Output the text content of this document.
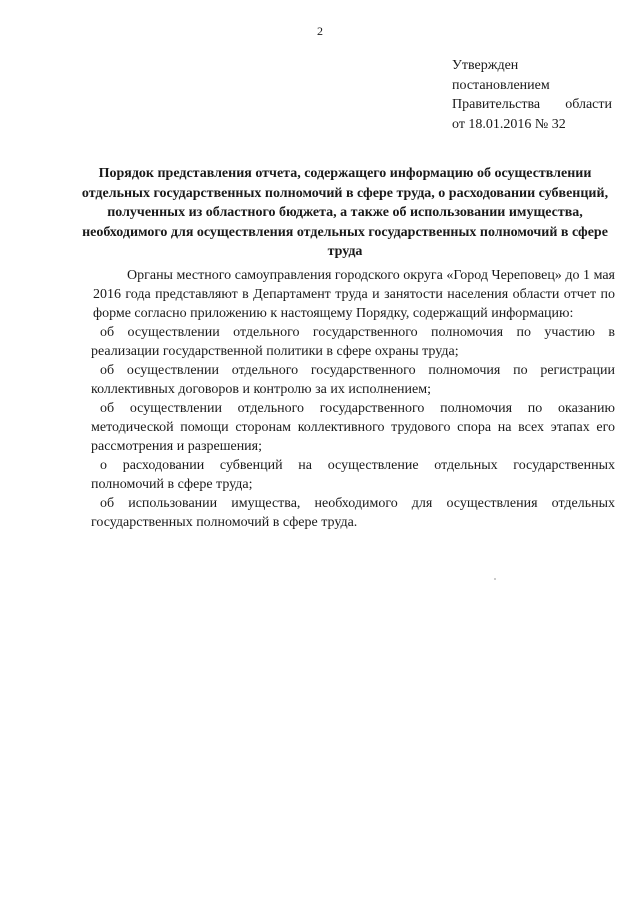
2
Утвержден
постановлением
Правительства области
от 18.01.2016 № 32
Порядок представления отчета, содержащего информацию об осуществлении отдельных государственных полномочий в сфере труда, о расходовании субвенций, полученных из областного бюджета, а также об использовании имущества, необходимого для осуществления отдельных государственных полномочий в сфере труда

Органы местного самоуправления городского округа «Город Череповец» до 1 мая 2016 года представляют в Департамент труда и занятости населения области отчет по форме согласно приложению к настоящему Порядку, содержащий информацию:

об осуществлении отдельного государственного полномочия по участию в реализации государственной политики в сфере охраны труда;

об осуществлении отдельного государственного полномочия по регистрации коллективных договоров и контролю за их исполнением;

об осуществлении отдельного государственного полномочия по оказанию методической помощи сторонам коллективного трудового спора на всех этапах его рассмотрения и разрешения;

о расходовании субвенций на осуществление отдельных государственных полномочий в сфере труда;

об использовании имущества, необходимого для осуществления отдельных государственных полномочий в сфере труда.
